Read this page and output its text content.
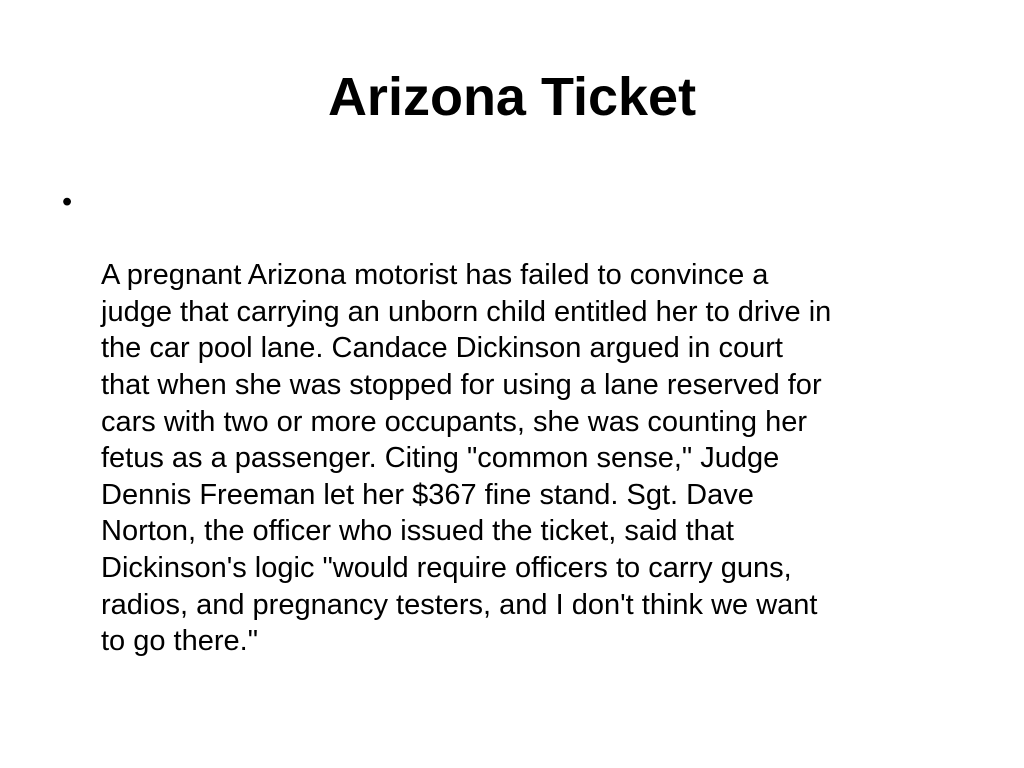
Arizona Ticket

•

A pregnant Arizona motorist has failed to convince a
judge that carrying an unborn child entitled her to drive in
the car pool lane. Candace Dickinson argued in court
that when she was stopped for using a lane reserved for
cars with two or more occupants, she was counting her
fetus as a passenger. Citing "common sense," Judge
Dennis Freeman let her $367 fine stand. Sgt. Dave
Norton, the officer who issued the ticket, said that
Dickinson's logic "would require officers to carry guns,
radios, and pregnancy testers, and I don't think we want
to go there."
